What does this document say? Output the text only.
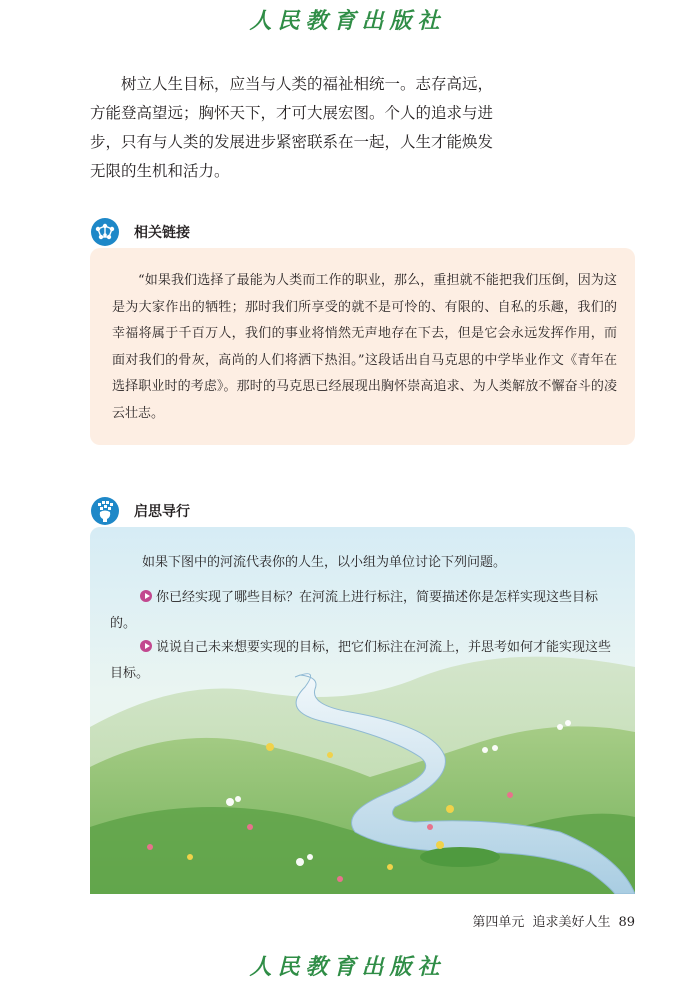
人民教育出版社
树立人生目标，应当与人类的福祉相统一。志存高远，方能登高望远；胸怀天下，才可大展宏图。个人的追求与进步，只有与人类的发展进步紧密联系在一起，人生才能焕发无限的生机和活力。
相关链接
“如果我们选择了最能为人类而工作的职业，那么，重担就不能把我们压倒，因为这是为大家作出的牺牲；那时我们所享受的就不是可怜的、有限的、自私的乐趣，我们的幸福将属于千百万人，我们的事业将悄然无声地存在下去，但是它会永远发挥作用，而面对我们的骨灰，高尚的人们将洒下热泪。”这段话出自马克思的中学毕业作文《青年在选择职业时的考虑》。那时的马克思已经展现出胸怀崇高追求、为人类解放不懈奋斗的凌云壮志。
启思导行
如果下图中的河流代表你的人生，以小组为单位讨论下列问题。
你已经实现了哪些目标？在河流上进行标注，简要描述你是怎样实现这些目标的。
说说自己未来想要实现的目标，把它们标注在河流上，并思考如何才能实现这些目标。
第四单元 追求美好人生 89
人民教育出版社
